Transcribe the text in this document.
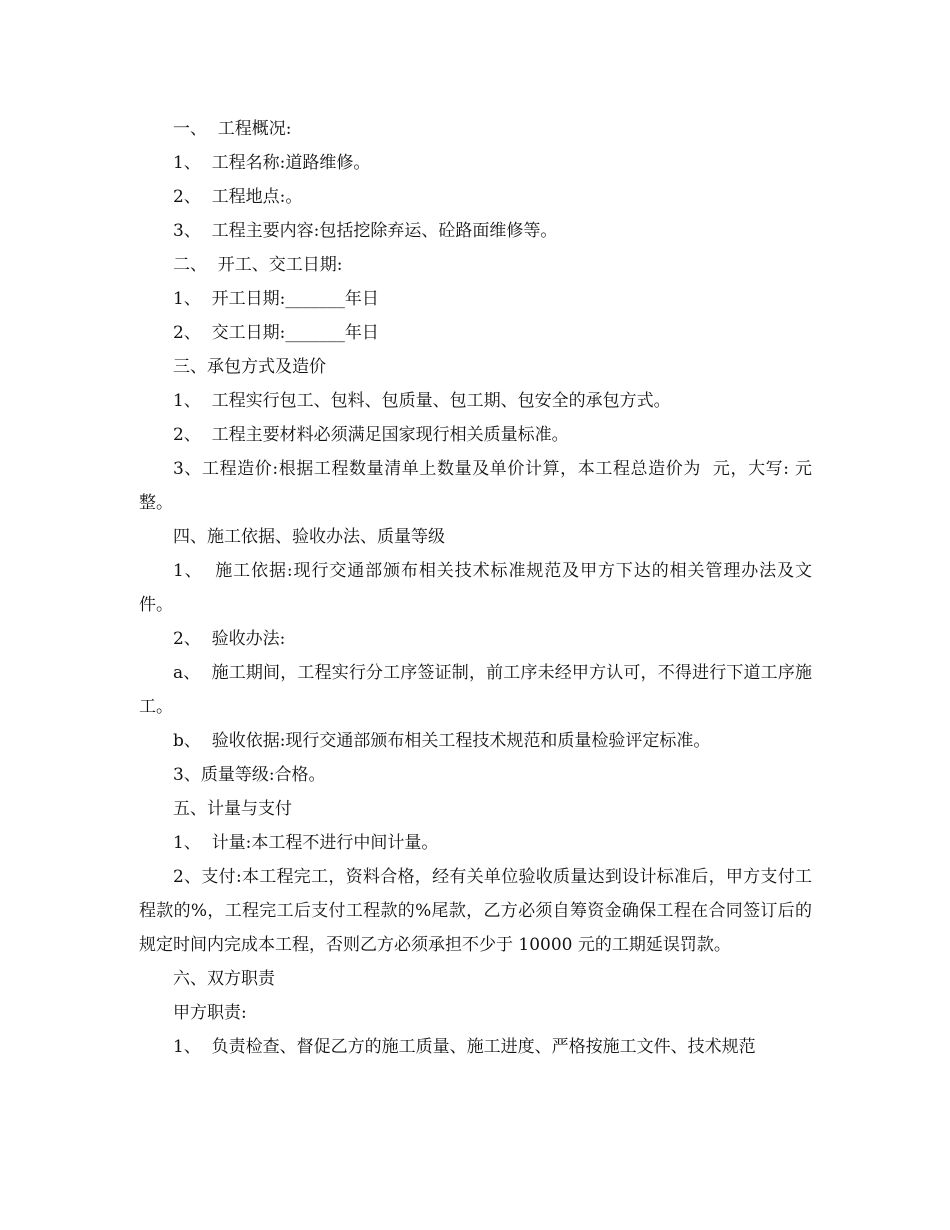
一、  工程概况:

1、  工程名称:道路维修。

2、  工程地点:。

3、  工程主要内容:包括挖除弃运、砼路面维修等。

二、  开工、交工日期:

1、  开工日期:_______年日

2、  交工日期:_______年日

三、承包方式及造价

1、  工程实行包工、包料、包质量、包工期、包安全的承包方式。

2、  工程主要材料必须满足国家现行相关质量标准。

3、工程造价:根据工程数量清单上数量及单价计算，本工程总造价为  元，大写: 元整。

四、施工依据、验收办法、质量等级

1、  施工依据:现行交通部颁布相关技术标准规范及甲方下达的相关管理办法及文件。

2、  验收办法:

a、  施工期间，工程实行分工序签证制，前工序未经甲方认可，不得进行下道工序施工。

b、  验收依据:现行交通部颁布相关工程技术规范和质量检验评定标准。

3、质量等级:合格。

五、计量与支付

1、  计量:本工程不进行中间计量。

2、支付:本工程完工，资料合格，经有关单位验收质量达到设计标准后，甲方支付工程款的%，工程完工后支付工程款的%尾款，乙方必须自筹资金确保工程在合同签订后的规定时间内完成本工程，否则乙方必须承担不少于 10000 元的工期延误罚款。

六、双方职责

甲方职责:

1、  负责检查、督促乙方的施工质量、施工进度、严格按施工文件、技术规范
